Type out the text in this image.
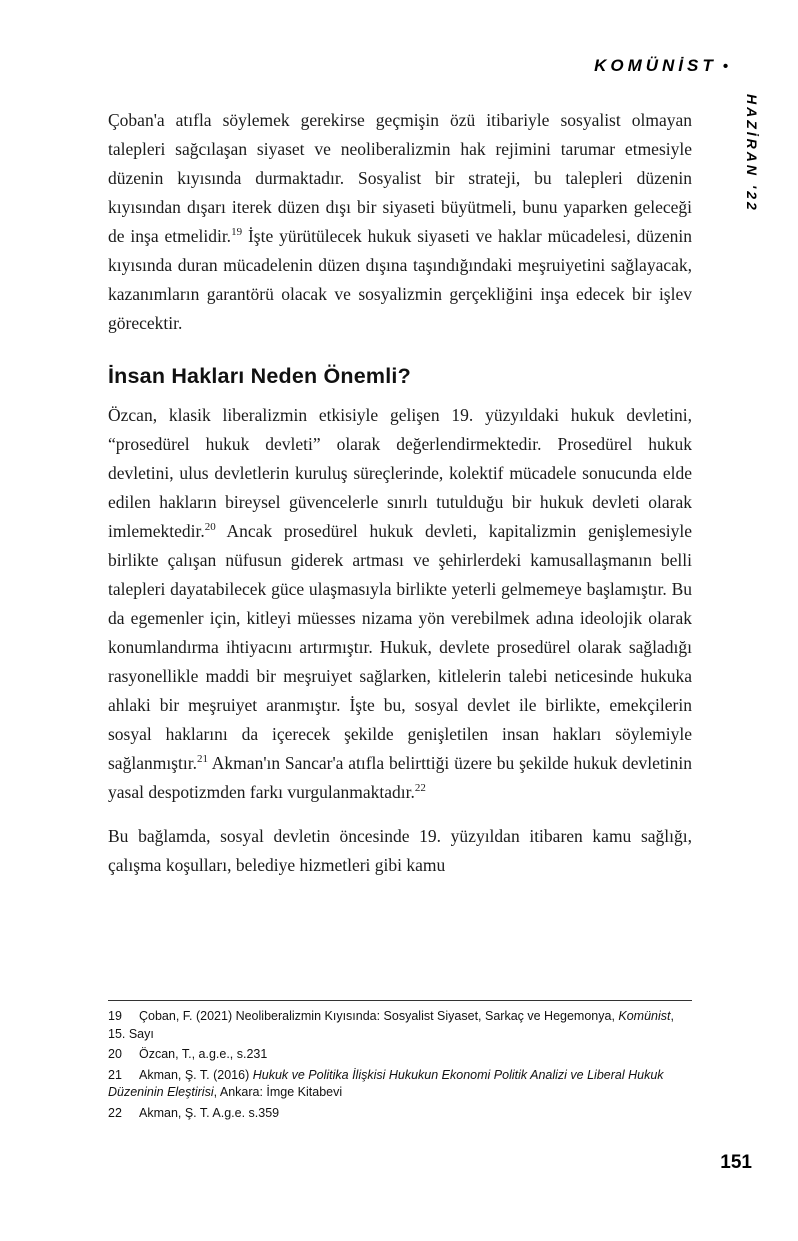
KOMÜNİST •
HAZİRAN '22

Çoban'a atıfla söylemek gerekirse geçmişin özü itibariyle sosyalist olmayan talepleri sağcılaşan siyaset ve neoliberalizmin hak rejimini tarumar etmesiyle düzenin kıyısında durmaktadır. Sosyalist bir strateji, bu talepleri düzenin kıyısından dışarı iterek düzen dışı bir siyaseti büyütmeli, bunu yaparken geleceği de inşa etmelidir.$^{19}$ İşte yürütülecek hukuk siyaseti ve haklar mücadelesi, düzenin kıyısında duran mücadelenin düzen dışına taşındığındaki meşruiyetini sağlayacak, kazanımların garantörü olacak ve sosyalizmin gerçekliğini inşa edecek bir işlev görecektir.

İnsan Hakları Neden Önemli?

Özcan, klasik liberalizmin etkisiyle gelişen 19. yüzyıldaki hukuk devletini, “prosedürel hukuk devleti” olarak değerlendirmektedir. Prosedürel hukuk devletini, ulus devletlerin kuruluş süreçlerinde, kolektif mücadele sonucunda elde edilen hakların bireysel güvencelerle sınırlı tutulduğu bir hukuk devleti olarak imlemektedir.$^{20}$ Ancak prosedürel hukuk devleti, kapitalizmin genişlemesiyle birlikte çalışan nüfusun giderek artması ve şehirlerdeki kamusallaşmanın belli talepleri dayatabilecek güce ulaşmasıyla birlikte yeterli gelmemeye başlamıştır. Bu da egemenler için, kitleyi müesses nizama yön verebilmek adına ideolojik olarak konumlandırma ihtiyacını artırmıştır. Hukuk, devlete prosedürel olarak sağladığı rasyonellikle maddi bir meşruiyet sağlarken, kitlelerin talebi neticesinde hukuka ahlaki bir meşruiyet aranmıştır. İşte bu, sosyal devlet ile birlikte, emekçilerin sosyal haklarını da içerecek şekilde genişletilen insan hakları söylemiyle sağlanmıştır.$^{21}$ Akman'ın Sancar'a atıfla belirttiği üzere bu şekilde hukuk devletinin yasal despotizmden farkı vurgulanmaktadır.$^{22}$

Bu bağlamda, sosyal devletin öncesinde 19. yüzyıldan itibaren kamu sağlığı, çalışma koşulları, belediye hizmetleri gibi kamu

19 Çoban, F. (2021) Neoliberalizmin Kıyısında: Sosyalist Siyaset, Sarkaç ve Hegemonya, Komünist, 15. Sayı

20 Özcan, T., a.g.e., s.231

21 Akman, Ş. T. (2016) Hukuk ve Politika İlişkisi Hukukun Ekonomi Politik Analizi ve Liberal Hukuk Düzeninin Eleştirisi, Ankara: İmge Kitabevi

22 Akman, Ş. T. A.g.e. s.359

151
